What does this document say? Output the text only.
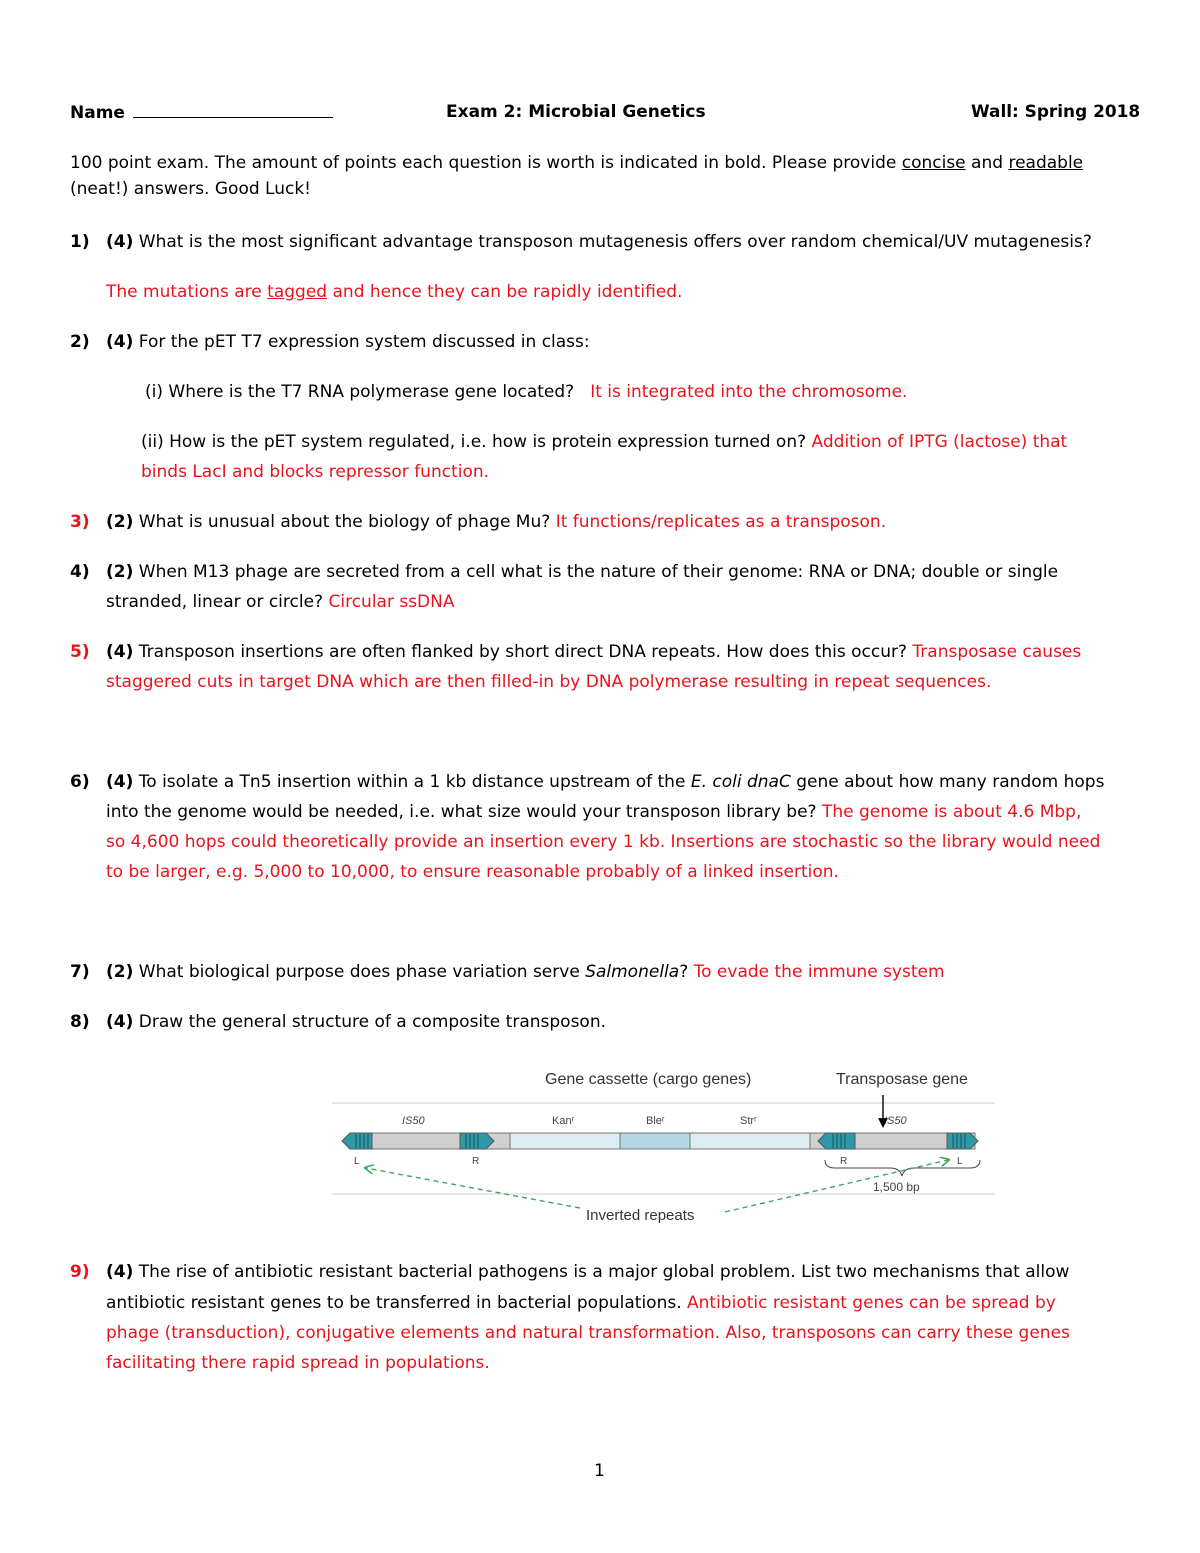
Name	Exam 2: Microbial Genetics	Wall: Spring 2018
100 point exam. The amount of points each question is worth is indicated in bold. Please provide concise and readable
(neat!) answers. Good Luck!
1) (4) What is the most significant advantage transposon mutagenesis offers over random chemical/UV mutagenesis?
The mutations are tagged and hence they can be rapidly identified.
2) (4) For the pET T7 expression system discussed in class:
(i) Where is the T7 RNA polymerase gene located? It is integrated into the chromosome.
(ii) How is the pET system regulated, i.e. how is protein expression turned on? Addition of IPTG (lactose) that
binds LacI and blocks repressor function.
3) (2) What is unusual about the biology of phage Mu? It functions/replicates as a transposon.
4) (2) When M13 phage are secreted from a cell what is the nature of their genome: RNA or DNA; double or single
stranded, linear or circle? Circular ssDNA
5) (4) Transposon insertions are often flanked by short direct DNA repeats. How does this occur? Transposase causes
staggered cuts in target DNA which are then filled-in by DNA polymerase resulting in repeat sequences.
6) (4) To isolate a Tn5 insertion within a 1 kb distance upstream of the E. coli dnaC gene about how many random hops
into the genome would be needed, i.e. what size would your transposon library be? The genome is about 4.6 Mbp,
so 4,600 hops could theoretically provide an insertion every 1 kb. Insertions are stochastic so the library would need
to be larger, e.g. 5,000 to 10,000, to ensure reasonable probably of a linked insertion.
7) (2) What biological purpose does phase variation serve Salmonella? To evade the immune system
8) (4) Draw the general structure of a composite transposon.
Gene cassette (cargo genes)	Transposase gene
IS50	Kanʳ	Bleʳ	Strʳ	IS50
L	R	R	L
1,500 bp
Inverted repeats
9) (4) The rise of antibiotic resistant bacterial pathogens is a major global problem. List two mechanisms that allow
antibiotic resistant genes to be transferred in bacterial populations. Antibiotic resistant genes can be spread by
phage (transduction), conjugative elements and natural transformation. Also, transposons can carry these genes
facilitating there rapid spread in populations.
1
